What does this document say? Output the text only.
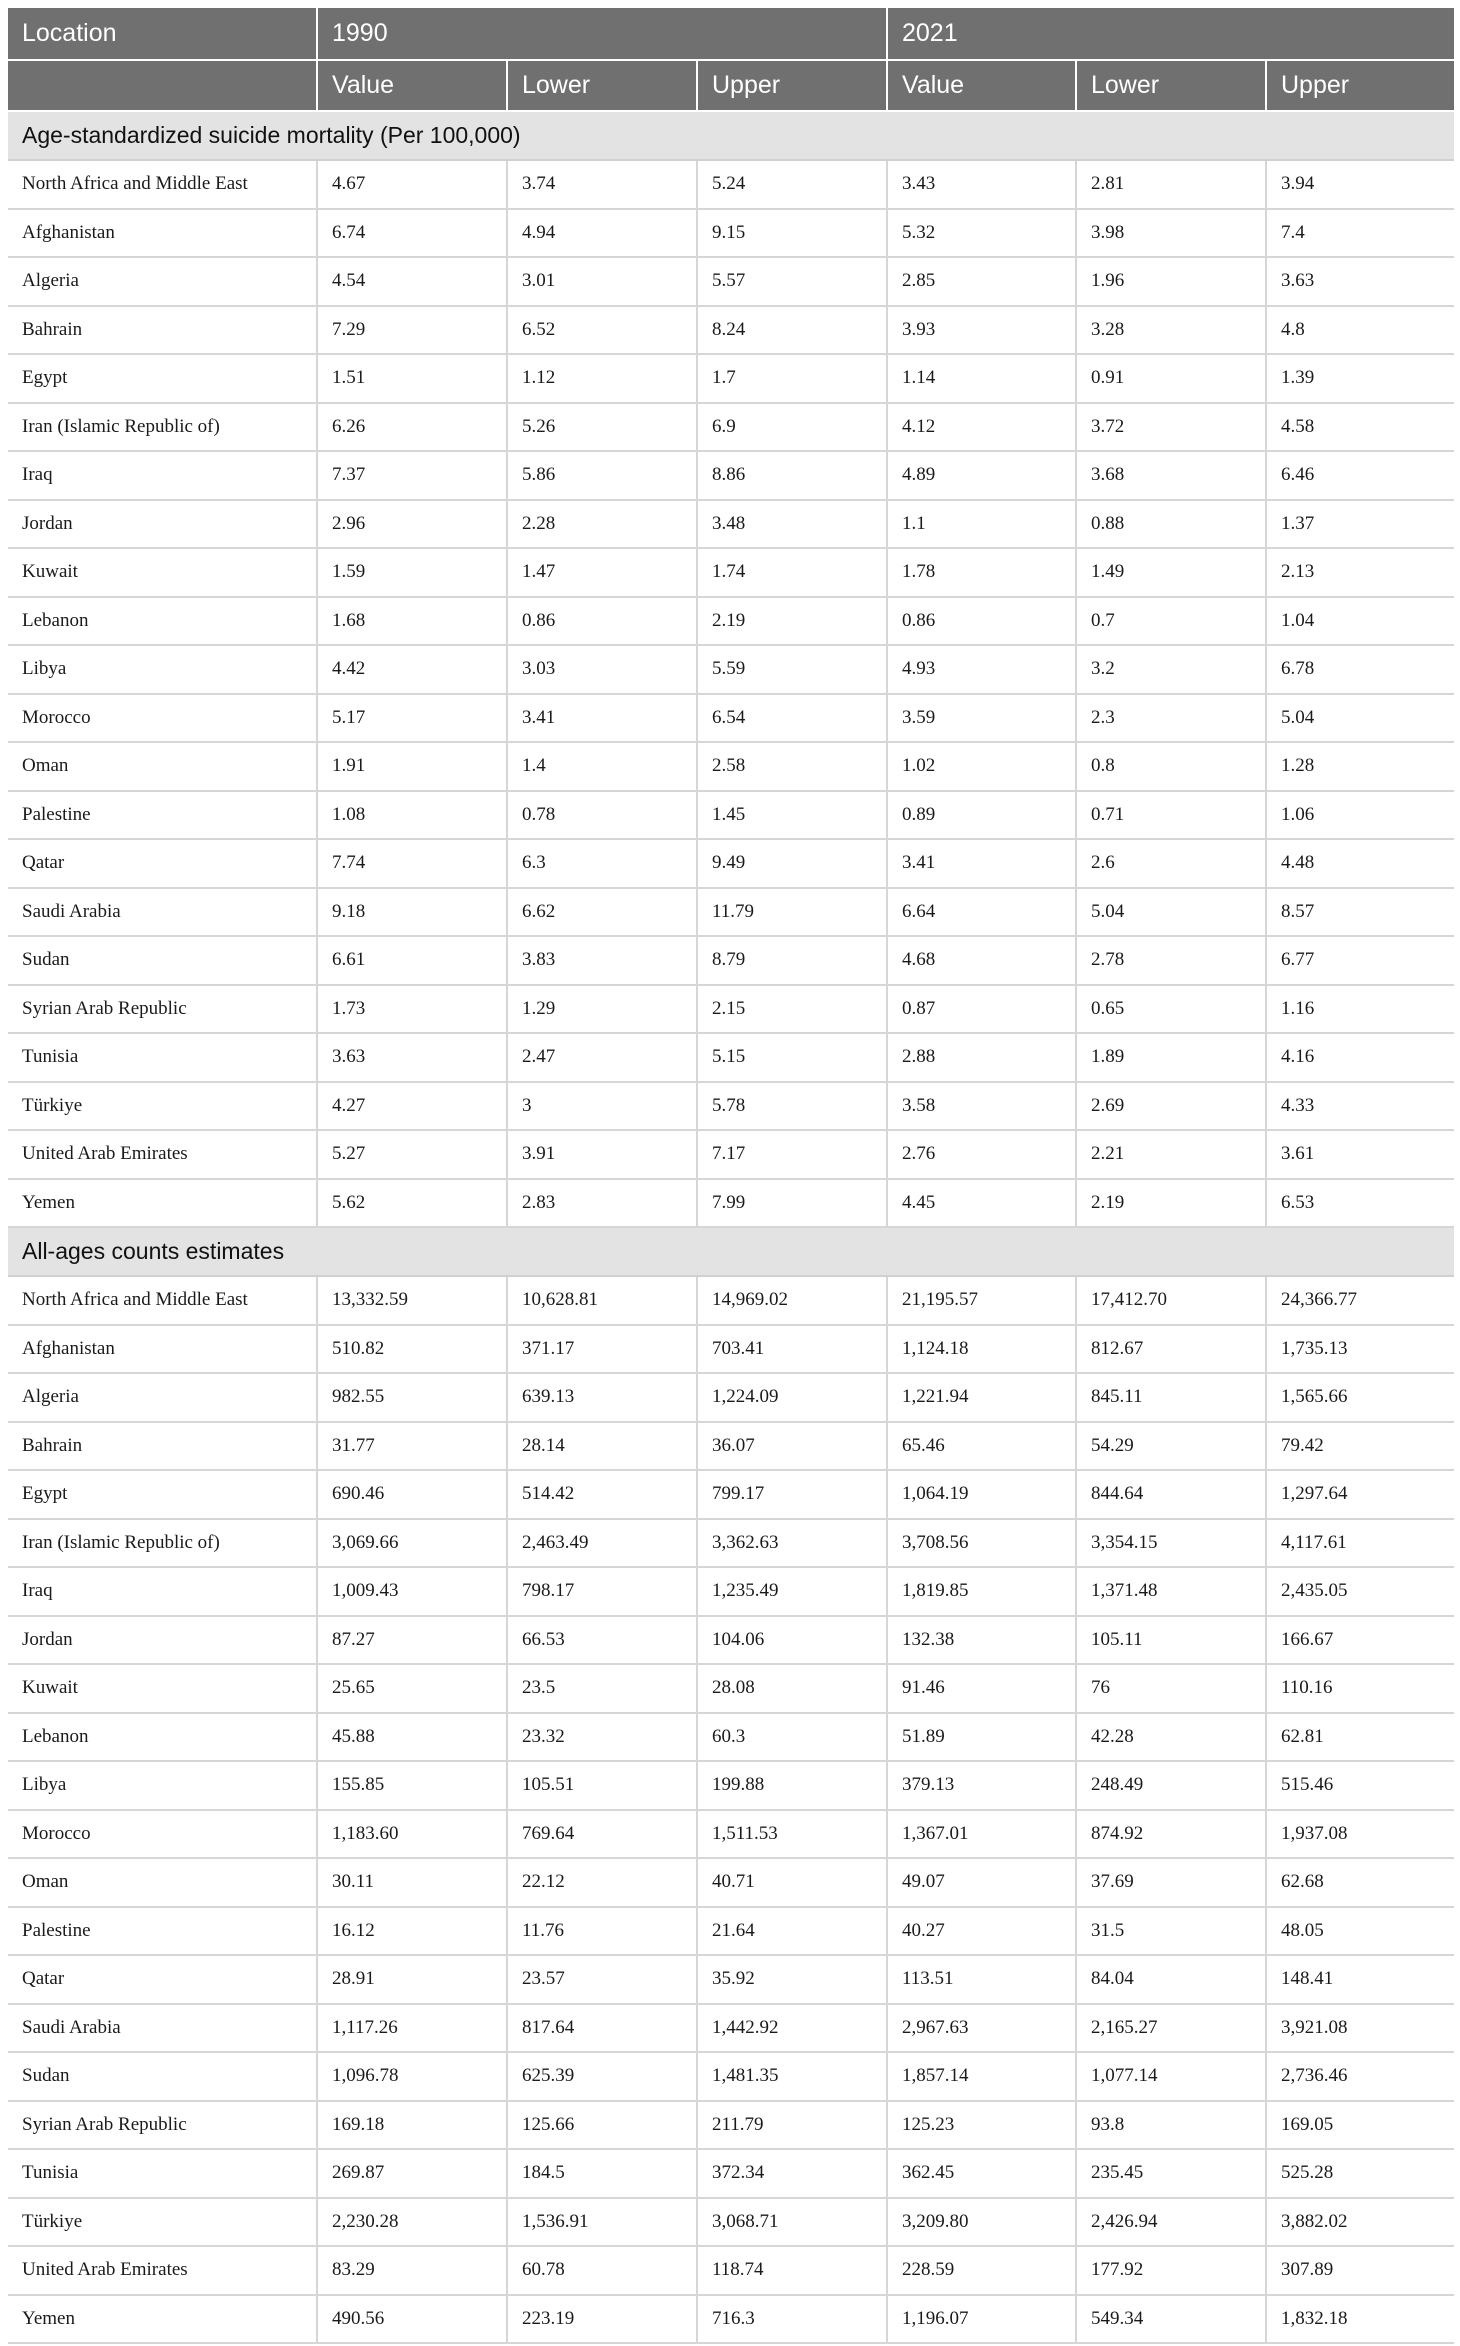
Location	1990			2021		
	Value	Lower	Upper	Value	Lower	Upper
Age-standardized suicide mortality (Per 100,000)						
North Africa and Middle East	4.67	3.74	5.24	3.43	2.81	3.94
Afghanistan	6.74	4.94	9.15	5.32	3.98	7.4
Algeria	4.54	3.01	5.57	2.85	1.96	3.63
Bahrain	7.29	6.52	8.24	3.93	3.28	4.8
Egypt	1.51	1.12	1.7	1.14	0.91	1.39
Iran (Islamic Republic of)	6.26	5.26	6.9	4.12	3.72	4.58
Iraq	7.37	5.86	8.86	4.89	3.68	6.46
Jordan	2.96	2.28	3.48	1.1	0.88	1.37
Kuwait	1.59	1.47	1.74	1.78	1.49	2.13
Lebanon	1.68	0.86	2.19	0.86	0.7	1.04
Libya	4.42	3.03	5.59	4.93	3.2	6.78
Morocco	5.17	3.41	6.54	3.59	2.3	5.04
Oman	1.91	1.4	2.58	1.02	0.8	1.28
Palestine	1.08	0.78	1.45	0.89	0.71	1.06
Qatar	7.74	6.3	9.49	3.41	2.6	4.48
Saudi Arabia	9.18	6.62	11.79	6.64	5.04	8.57
Sudan	6.61	3.83	8.79	4.68	2.78	6.77
Syrian Arab Republic	1.73	1.29	2.15	0.87	0.65	1.16
Tunisia	3.63	2.47	5.15	2.88	1.89	4.16
Türkiye	4.27	3	5.78	3.58	2.69	4.33
United Arab Emirates	5.27	3.91	7.17	2.76	2.21	3.61
Yemen	5.62	2.83	7.99	4.45	2.19	6.53
All-ages counts estimates						
North Africa and Middle East	13,332.59	10,628.81	14,969.02	21,195.57	17,412.70	24,366.77
Afghanistan	510.82	371.17	703.41	1,124.18	812.67	1,735.13
Algeria	982.55	639.13	1,224.09	1,221.94	845.11	1,565.66
Bahrain	31.77	28.14	36.07	65.46	54.29	79.42
Egypt	690.46	514.42	799.17	1,064.19	844.64	1,297.64
Iran (Islamic Republic of)	3,069.66	2,463.49	3,362.63	3,708.56	3,354.15	4,117.61
Iraq	1,009.43	798.17	1,235.49	1,819.85	1,371.48	2,435.05
Jordan	87.27	66.53	104.06	132.38	105.11	166.67
Kuwait	25.65	23.5	28.08	91.46	76	110.16
Lebanon	45.88	23.32	60.3	51.89	42.28	62.81
Libya	155.85	105.51	199.88	379.13	248.49	515.46
Morocco	1,183.60	769.64	1,511.53	1,367.01	874.92	1,937.08
Oman	30.11	22.12	40.71	49.07	37.69	62.68
Palestine	16.12	11.76	21.64	40.27	31.5	48.05
Qatar	28.91	23.57	35.92	113.51	84.04	148.41
Saudi Arabia	1,117.26	817.64	1,442.92	2,967.63	2,165.27	3,921.08
Sudan	1,096.78	625.39	1,481.35	1,857.14	1,077.14	2,736.46
Syrian Arab Republic	169.18	125.66	211.79	125.23	93.8	169.05
Tunisia	269.87	184.5	372.34	362.45	235.45	525.28
Türkiye	2,230.28	1,536.91	3,068.71	3,209.80	2,426.94	3,882.02
United Arab Emirates	83.29	60.78	118.74	228.59	177.92	307.89
Yemen	490.56	223.19	716.3	1,196.07	549.34	1,832.18
